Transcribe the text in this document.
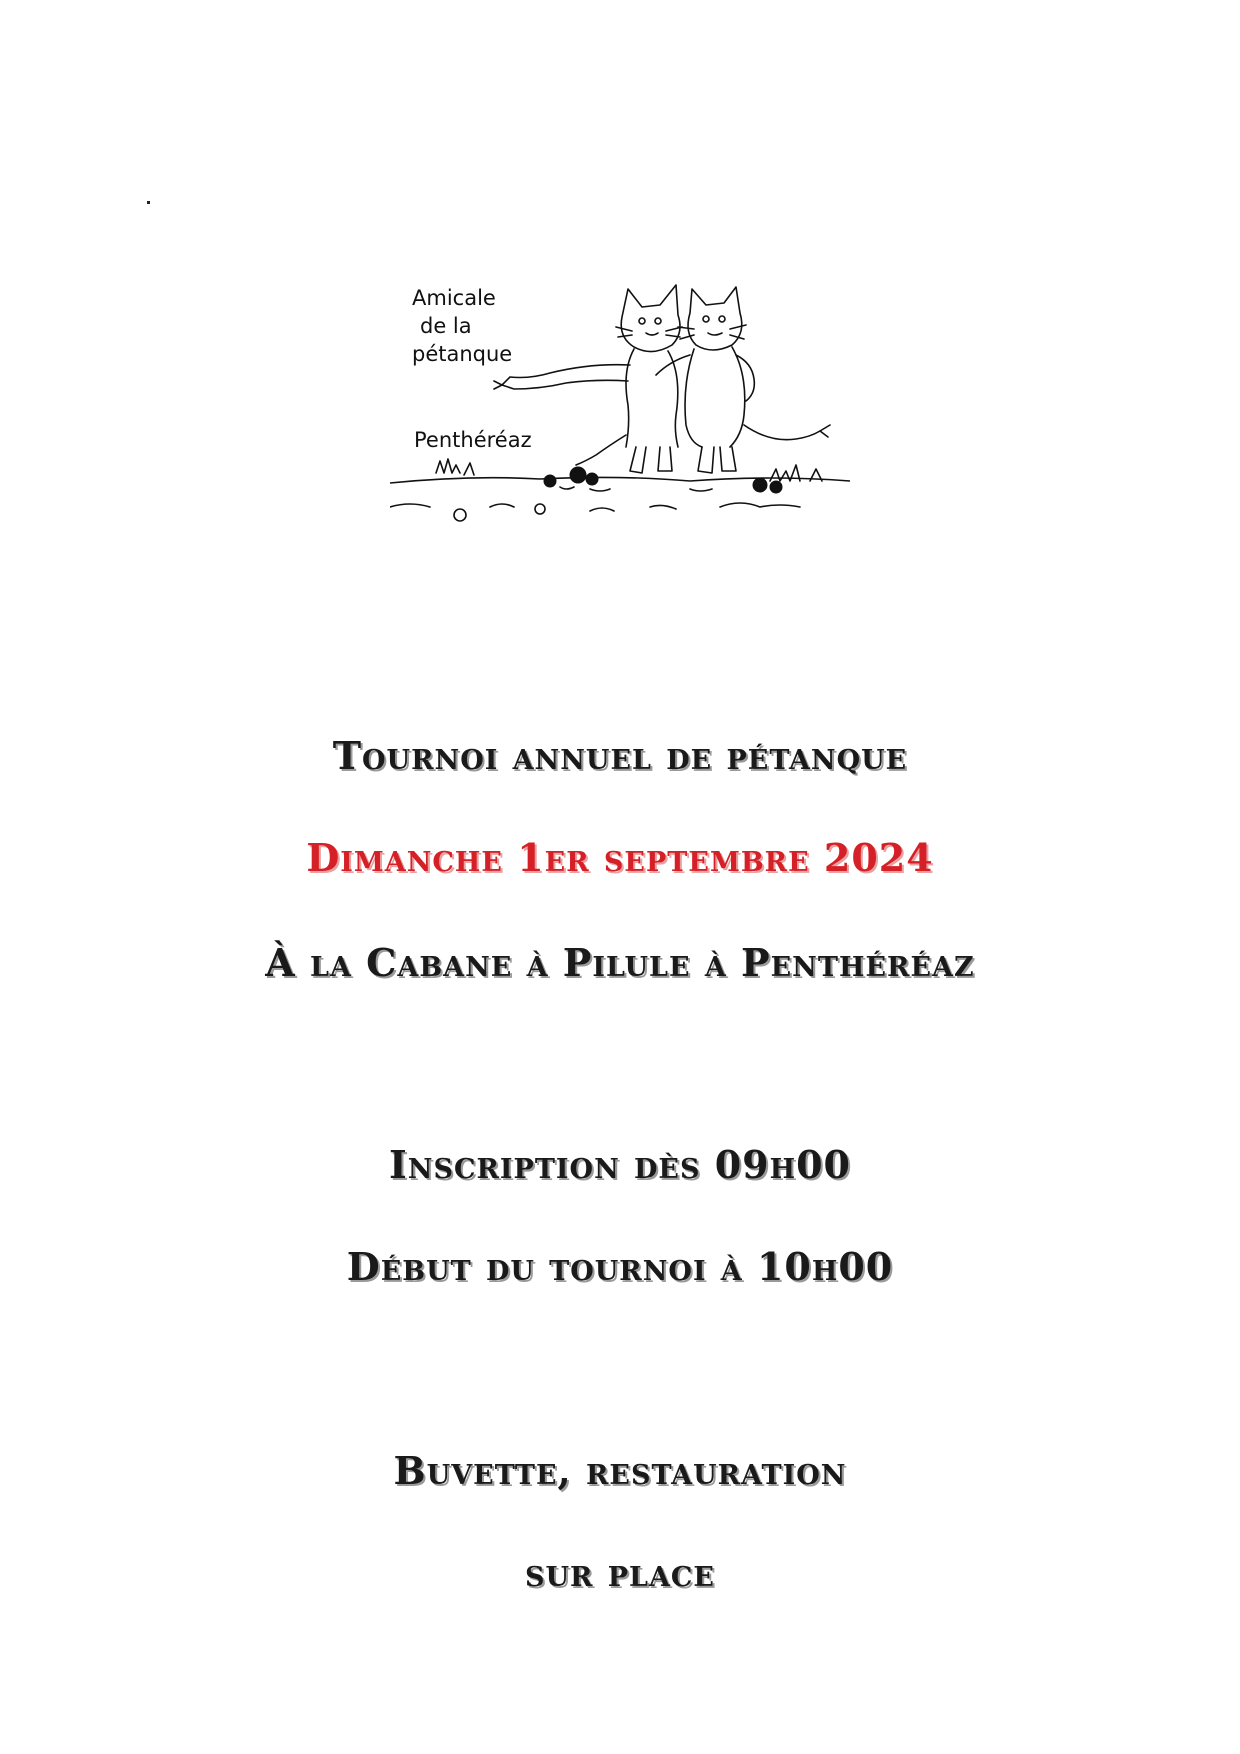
Amicale
de la
pétanque
Penthéréaz
Tournoi annuel de pétanque
Dimanche 1er septembre 2024
À la Cabane à Pilule à Penthéréaz
Inscription dès 09h00
Début du tournoi à 10h00
Buvette, restauration
sur place
